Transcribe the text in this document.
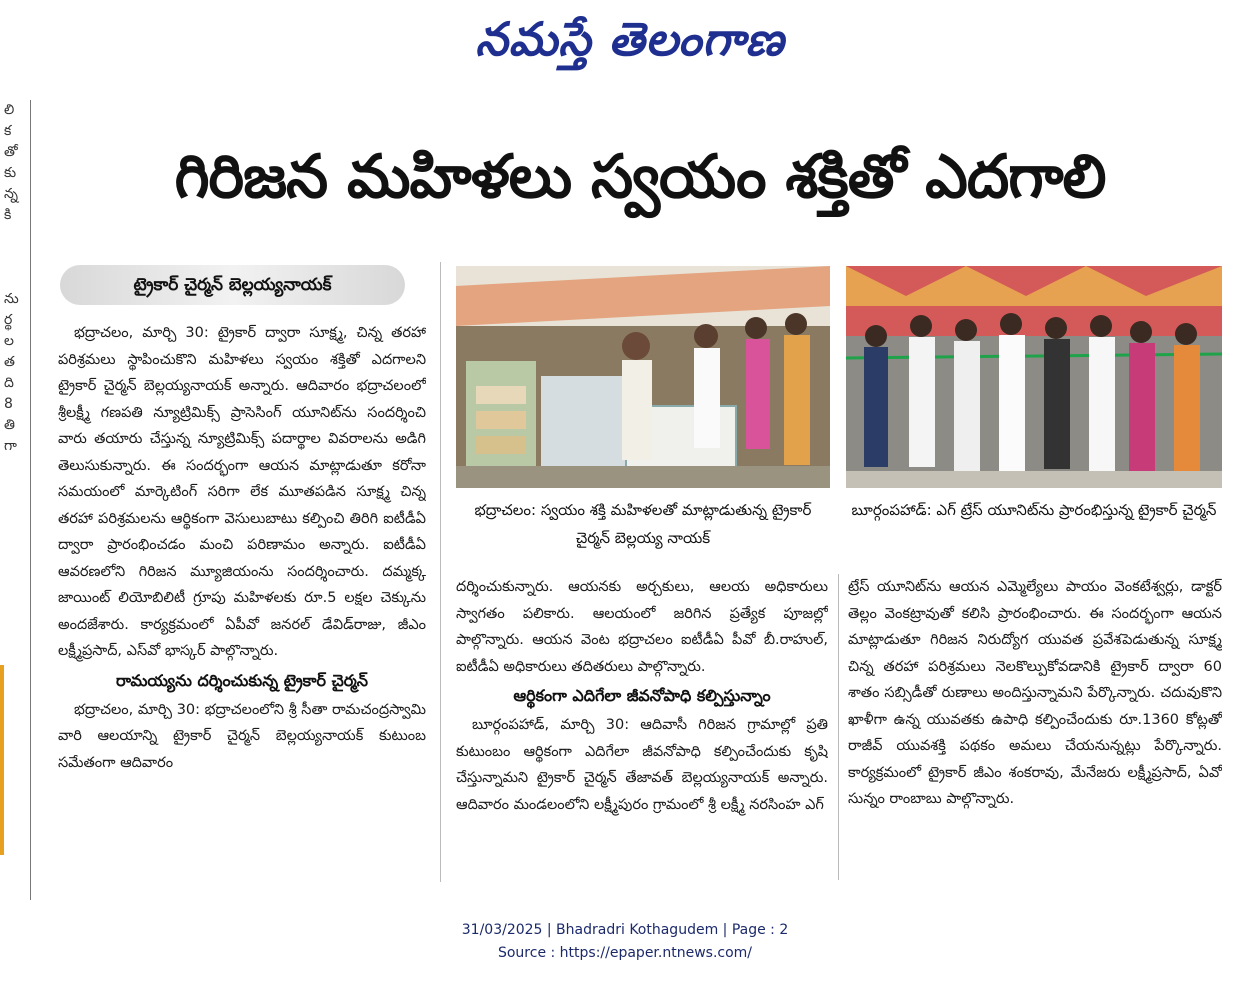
నమస్తే తెలంగాణ
లి
క
తో
కు
న్న
కి

ను
ర్థ
ల
త
ది
8
తి
గా
గిరిజన మహిళలు స్వయం శక్తితో ఎదగాలి
ట్రైకార్ చైర్మన్ బెల్లయ్యనాయక్

భద్రాచలం, మార్చి 30: ట్రైకార్ ద్వారా సూక్ష్మ, చిన్న తరహా పరిశ్రమలు స్థాపించుకొని మహిళలు స్వయం శక్తితో ఎదగాలని ట్రైకార్ చైర్మన్ బెల్లయ్యనాయక్ అన్నారు. ఆదివారం భద్రాచలంలో శ్రీలక్ష్మీ గణపతి న్యూట్రిమిక్స్ ప్రాసెసింగ్ యూనిట్‌ను సందర్శించి వారు తయారు చేస్తున్న న్యూట్రిమిక్స్ పదార్థాల వివరాలను అడిగి తెలుసుకున్నారు. ఈ సందర్భంగా ఆయన మాట్లాడుతూ కరోనా సమయంలో మార్కెటింగ్ సరిగా లేక మూతపడిన సూక్ష్మ చిన్న తరహా పరిశ్రమలను ఆర్థికంగా వెసులుబాటు కల్పించి తిరిగి ఐటీడీఏ ద్వారా ప్రారంభించడం మంచి పరిణామం అన్నారు. ఐటీడీఏ ఆవరణలోని గిరిజన మ్యూజియంను సందర్శించారు. దమ్మక్క జాయింట్ లియోబిలిటీ గ్రూపు మహిళలకు రూ.5 లక్షల చెక్కును అందజేశారు. కార్యక్రమంలో ఏపీవో జనరల్ డేవిడ్‌రాజు, జీఎం లక్ష్మీప్రసాద్, ఎస్‌వో భాస్కర్ పాల్గొన్నారు.

రామయ్యను దర్శించుకున్న ట్రైకార్ చైర్మన్

భద్రాచలం, మార్చి 30: భద్రాచలంలోని శ్రీ సీతా రామచంద్రస్వామి వారి ఆలయాన్ని ట్రైకార్ చైర్మన్ బెల్లయ్యనాయక్ కుటుంబ సమేతంగా ఆదివారం

భద్రాచలం: స్వయం శక్తి మహిళలతో మాట్లాడుతున్న ట్రైకార్ చైర్మన్ బెల్లయ్య నాయక్
బూర్గంపహాడ్: ఎగ్ ట్రేస్ యూనిట్‌ను ప్రారంభిస్తున్న ట్రైకార్ చైర్మన్

దర్శించుకున్నారు. ఆయనకు అర్చకులు, ఆలయ అధికారులు స్వాగతం పలికారు. ఆలయంలో జరిగిన ప్రత్యేక పూజల్లో పాల్గొన్నారు. ఆయన వెంట భద్రాచలం ఐటీడీఏ పీవో బీ.రాహుల్, ఐటీడీఏ అధికారులు తదితరులు పాల్గొన్నారు.

ఆర్థికంగా ఎదిగేలా జీవనోపాధి కల్పిస్తున్నాం

బూర్గంపహాడ్, మార్చి 30: ఆదివాసీ గిరిజన గ్రామాల్లో ప్రతి కుటుంబం ఆర్థికంగా ఎదిగేలా జీవనోపాధి కల్పించేందుకు కృషి చేస్తున్నామని ట్రైకార్ చైర్మన్ తేజావత్ బెల్లయ్యనాయక్ అన్నారు. ఆదివారం మండలంలోని లక్ష్మీపురం గ్రామంలో శ్రీ లక్ష్మీ నరసింహ ఎగ్

ట్రేస్ యూనిట్‌ను ఆయన ఎమ్మెల్యేలు పాయం వెంకటేశ్వర్లు, డాక్టర్ తెల్లం వెంకట్రావుతో కలిసి ప్రారంభించారు. ఈ సందర్భంగా ఆయన మాట్లాడుతూ గిరిజన నిరుద్యోగ యువత ప్రవేశపెడుతున్న సూక్ష్మ చిన్న తరహా పరిశ్రమలు నెలకొల్పుకోవడానికి ట్రైకార్ ద్వారా 60 శాతం సబ్సిడీతో రుణాలు అందిస్తున్నామని పేర్కొన్నారు. చదువుకొని ఖాళీగా ఉన్న యువతకు ఉపాధి కల్పించేందుకు రూ.1360 కోట్లతో రాజీవ్ యువశక్తి పథకం అమలు చేయనున్నట్లు పేర్కొన్నారు. కార్యక్రమంలో ట్రైకార్ జీఎం శంకరావు, మేనేజరు లక్ష్మీప్రసాద్, ఏవో సున్నం రాంబాబు పాల్గొన్నారు.

31/03/2025 | Bhadradri Kothagudem | Page : 2
Source : https://epaper.ntnews.com/
